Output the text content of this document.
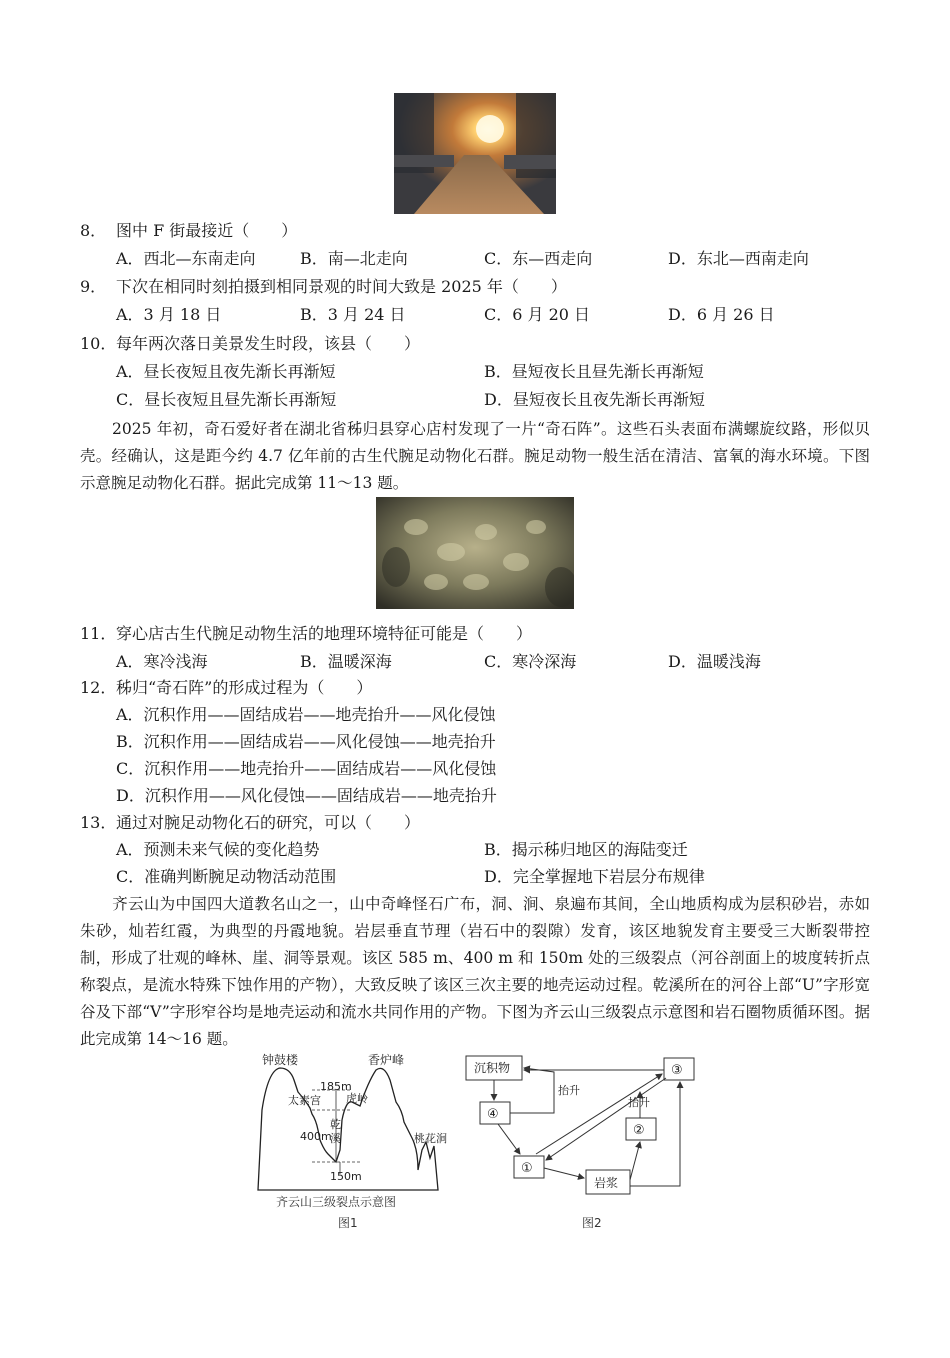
8． 图中 F 街最接近（　　）
A．西北—东南走向	B．南—北走向	C．东—西走向	D．东北—西南走向
9． 下次在相同时刻拍摄到相同景观的时间大致是 2025 年（　　）
A．3 月 18 日	B．3 月 24 日	C．6 月 20 日	D．6 月 26 日
10．每年两次落日美景发生时段，该县（　　）
A．昼长夜短且夜先渐长再渐短	B．昼短夜长且昼先渐长再渐短
C．昼长夜短且昼先渐长再渐短	D．昼短夜长且夜先渐长再渐短
2025 年初，奇石爱好者在湖北省秭归县穿心店村发现了一片“奇石阵”。这些石头表面布满螺旋纹路，形似贝壳。经确认，这是距今约 4.7 亿年前的古生代腕足动物化石群。腕足动物一般生活在清洁、富氧的海水环境。下图示意腕足动物化石群。据此完成第 11～13 题。
11．穿心店古生代腕足动物生活的地理环境特征可能是（　　）
A．寒冷浅海	B．温暖深海	C．寒冷深海	D．温暖浅海
12．秭归“奇石阵”的形成过程为（　　）
A．沉积作用——固结成岩——地壳抬升——风化侵蚀
B．沉积作用——固结成岩——风化侵蚀——地壳抬升
C．沉积作用——地壳抬升——固结成岩——风化侵蚀
D．沉积作用——风化侵蚀——固结成岩——地壳抬升
13．通过对腕足动物化石的研究，可以（　　）
A．预测未来气候的变化趋势	B．揭示秭归地区的海陆变迁
C．准确判断腕足动物活动范围	D．完全掌握地下岩层分布规律
齐云山为中国四大道教名山之一，山中奇峰怪石广布，洞、涧、泉遍布其间，全山地质构成为层积砂岩，赤如朱砂，灿若红霞，为典型的丹霞地貌。岩层垂直节理（岩石中的裂隙）发育，该区地貌发育主要受三大断裂带控制，形成了壮观的峰林、崖、洞等景观。该区 585 m、400 m 和 150m 处的三级裂点（河谷剖面上的坡度转折点称裂点，是流水特殊下蚀作用的产物），大致反映了该区三次主要的地壳运动过程。乾溪所在的河谷上部“U”字形宽谷及下部“V”字形窄谷均是地壳运动和流水共同作用的产物。下图为齐云山三级裂点示意图和岩石圈物质循环图。据此完成第 14～16 题。
钟鼓楼	香炉峰
太素宫 虎岭
185m
400m
150m
桃花涧
乾溪
齐云山三级裂点示意图
图1
沉积物
④
①
岩浆
②
③
抬升
抬升
图2
